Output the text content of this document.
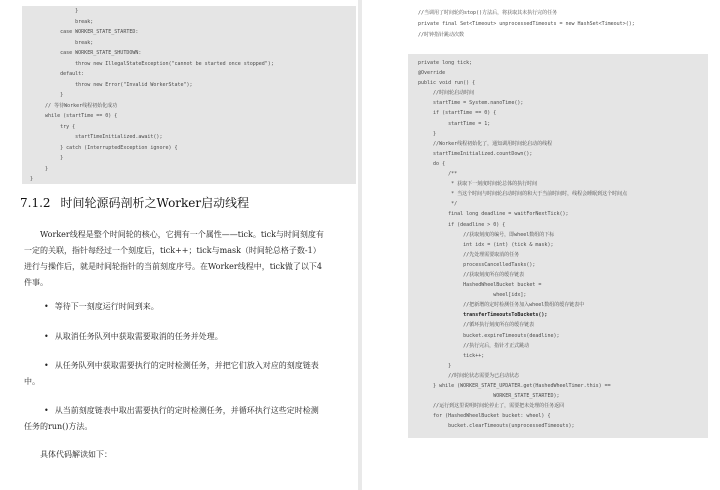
}
break;
case WORKER_STATE_STARTED:
break;
case WORKER_STATE_SHUTDOWN:
throw new IllegalStateException("cannot be started once stopped");
default:
throw new Error("Invalid WorkerState");
}
// 等待Worker线程初始化成功
while (startTime == 0) {
try {
startTimeInitialized.await();
} catch (InterruptedException ignore) {
}
}
}
7.1.2 时间轮源码剖析之Worker启动线程
Worker线程是整个时间轮的核心，它拥有一个属性——tick。tick与时间刻度有一定的关联，指针每经过一个刻度后，tick++；tick与mask（时间轮总格子数-1）进行与操作后，就是时间轮指针的当前刻度序号。在Worker线程中，tick做了以下4件事。
• 等待下一刻度运行时间到来。
• 从取消任务队列中获取需要取消的任务并处理。
• 从任务队列中获取需要执行的定时检测任务，并把它们放入对应的刻度链表中。
• 从当前刻度链表中取出需要执行的定时检测任务，并循环执行这些定时检测任务的run()方法。
具体代码解读如下：
//当调用了时间轮的stop()方法后，将获取其未执行完的任务
private final Set<Timeout> unprocessedTimeouts = new HashSet<Timeout>();
//时钟指针跳动次数
private long tick;
@Override
public void run() {
//时间轮启动时间
startTime = System.nanoTime();
if (startTime == 0) {
startTime = 1;
}
//Worker线程初始化了，通知调用时间轮启动的线程
startTimeInitialized.countDown();
do {
/**
* 获取下一刻度时间轮总体的执行时间
* 当这个时间与时间轮启动时间的和大于当前时间时，线程会睡眠到这个时间点
*/
final long deadline = waitForNextTick();
if (deadline > 0) {
//获取刻度的编号，即wheel数组的下标
int idx = (int) (tick & mask);
//先处理需要取消的任务
processCancelledTasks();
//获取刻度所在的缓存链表
HashedWheelBucket bucket =
wheel[idx];
//把新增的定时检测任务加入wheel数组的缓存链表中
transferTimeoutsToBuckets();
//循环执行刻度所在的缓存链表
bucket.expireTimeouts(deadline);
//执行完后，指针才正式跳动
tick++;
}
//时间轮状态需要为已启动状态
} while (WORKER_STATE_UPDATER.get(HashedWheelTimer.this) ==
WORKER_STATE_STARTED);
//运行到这里说明时间轮停止了，需要把未处理的任务返回
for (HashedWheelBucket bucket: wheel) {
bucket.clearTimeouts(unprocessedTimeouts);
